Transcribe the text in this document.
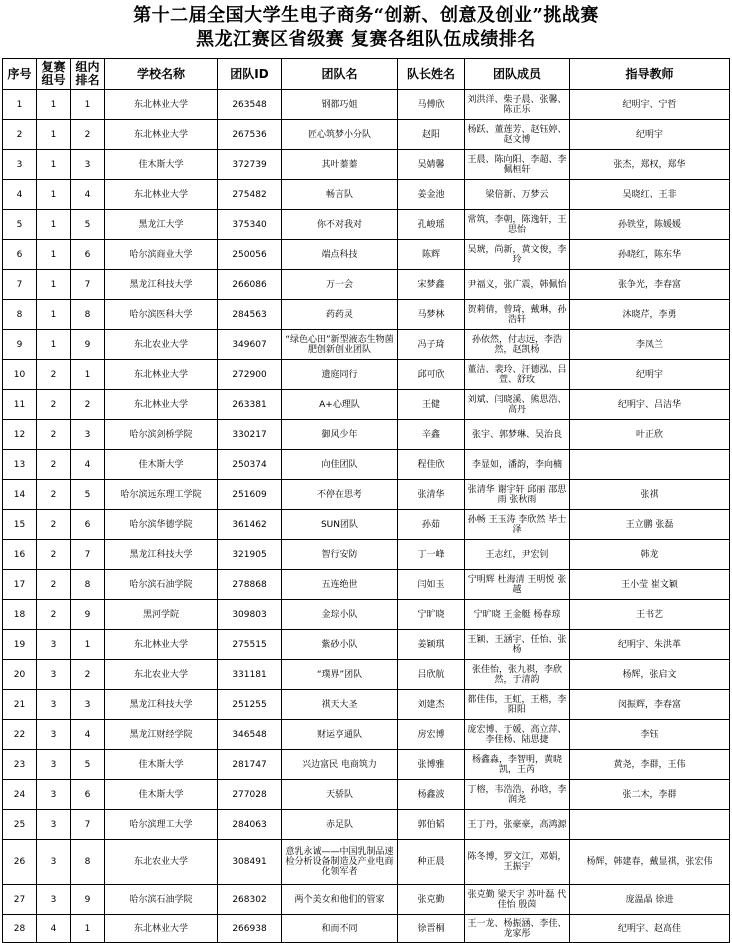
第十二届全国大学生电子商务“创新、创意及创业”挑战赛
黑龙江赛区省级赛 复赛各组队伍成绩排名
序号	复赛组号	组内排名	学校名称	团队ID	团队名	队长姓名	团队成员	指导教师
1	1	1	东北林业大学	263548	钢都巧姐	马傅欣	刘洪洋、柴子晨、张馨、陈正乐	纪明宇、宁哲
2	1	2	东北林业大学	267536	匠心筑梦小分队	赵阳	杨跃、董莲芳、赵钰婷、赵文博	纪明宇
3	1	3	佳木斯大学	372739	其叶蓁蓁	吴婧馨	王晨、陈向阳、李超、李佩桓轩	张杰，郑权，郑华
4	1	4	东北林业大学	275482	畅言队	姜金池	梁倍新、万梦云	吴晓红、王非
5	1	5	黑龙江大学	375340	你不对我对	孔峻瑶	常筑，李朝，陈逸轩，王思怡	孙铁堂，陈媛媛
6	1	6	哈尔滨商业大学	250056	端点科技	陈辉	吴琥，尚新，黄文俊，李玲	孙晓红，陈东华
7	1	7	黑龙江科技大学	266086	万一会	宋梦鑫	尹福义，张广震，韩佩怡	张争光，李春富
8	1	8	哈尔滨医科大学	284563	药药灵	马梦林	贺莉倩，曾琦，戴琳，孙浩轩	沐晓芹，李勇
9	1	9	东北农业大学	349607	“绿色心田”新型液态生物菌肥创新创业团队	冯子琦	孙依然，付志远，李浩然，赵凯杨	李凤兰
10	2	1	东北林业大学	272900	遗庭同行	邱可欣	董洁、裴玲、汗德泓、吕萱、舒玫	纪明宇
11	2	2	东北林业大学	263381	A+心理队	王健	刘斌、闫晓溪、熊思浩、高丹	纪明宇、吕洁华
12	2	3	哈尔滨剑桥学院	330217	御风少年	辛鑫	张宇、郭梦琳、吴治良	叶正欣
13	2	4	佳木斯大学	250374	向佳团队	程佳欣	李显如，潘韵，李向楠	
14	2	5	哈尔滨远东理工学院	251609	不停在思考	张清华	张清华 谢宇轩 邱丽 邵思雨 张秋雨	张祺
15	2	6	哈尔滨华德学院	361462	SUN团队	孙茹	孙畅 王玉涛 李欣然 毕士泽	王立鹏 张磊
16	2	7	黑龙江科技大学	321905	智行安防	丁一峰	王志红，尹宏钊	韩龙
17	2	8	哈尔滨石油学院	278868	五连绝世	闫如玉	宁明辉 杜海清 王明悦 张越	王小莹 崔文颖
18	2	9	黑河学院	309803	金琮小队	宁旷晓	宁旷晓 王金艇 杨春琼	王书艺
19	3	1	东北林业大学	275515	紫砂小队	姜颖琪	王颖、王涵宇、任怡、张杨	纪明宇、朱洪革
20	3	2	东北农业大学	331181	“璞界”团队	吕欣航	张佳怡，张九祺，李欣然，于清韵	杨辉，张启文
21	3	3	黑龙江科技大学	251255	祺天大圣	刘建杰	都佳伟，王虹，王楷，李阳阳	闵振辉，李春富
22	3	4	黑龙江财经学院	346548	财运亨通队	房宏博	庞宏博、于媛、高立萍、李佳杨、陆思捷	李钰
23	3	5	佳木斯大学	281747	兴边富民 电商筑力	张博雅	杨鑫淼，李智明，黄晓凯，王芮	黄尧，李群，王伟
24	3	6	佳木斯大学	277028	天骄队	杨鑫波	丁榕，韦浩浩，孙晗，李润尧	张二木，李群
25	3	7	哈尔滨理工大学	284063	赤足队	郭伯韬	王丁丹，张豪豪，高鸿源	
26	3	8	东北农业大学	308491	意乳永诚——中国乳制品速检分析设备制造及产业电商化领军者	种正晨	陈冬博，罗文江，邓娟，王振宇	杨辉，韩建春，戴显祺，张宏伟
27	3	9	哈尔滨石油学院	268302	两个美女和他们的管家	张克勤	张克勤 梁天宇 苏叶磊 代佳怡 殷茵	庞温晶 徐进
28	4	1	东北林业大学	266938	和而不同	徐晋桐	王一龙、杨振涵、李佳、龙家彤	纪明宇、赵高佳
